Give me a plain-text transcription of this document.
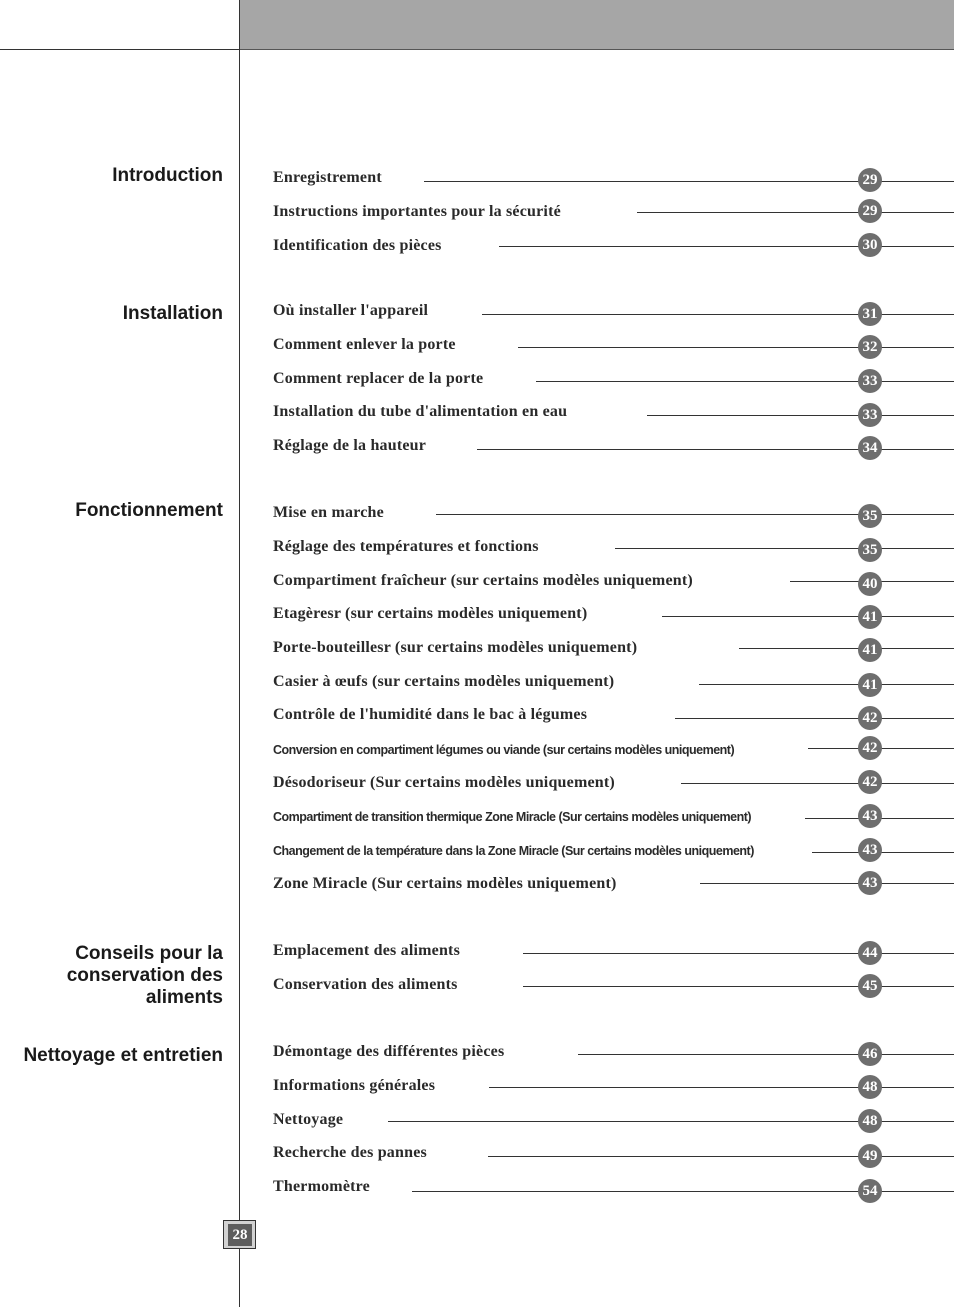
Introduction
Installation
Fonctionnement
Conseils pour la conservation des aliments
Nettoyage et entretien
Enregistrement	29
Instructions importantes pour la sécurité	29
Identification des pièces	30
Où installer l'appareil	31
Comment enlever la porte	32
Comment replacer de la porte	33
Installation du tube d'alimentation en eau	33
Réglage de la hauteur	34
Mise en marche	35
Réglage des températures et fonctions	35
Compartiment fraîcheur (sur certains modèles uniquement)	40
Etagèresr (sur certains modèles uniquement)	41
Porte-bouteillesr (sur certains modèles uniquement)	41
Casier à œufs (sur certains modèles uniquement)	41
Contrôle de l'humidité dans le bac à légumes	42
Conversion en compartiment légumes ou viande (sur certains modèles uniquement)	42
Désodoriseur (Sur certains modèles uniquement)	42
Compartiment de transition thermique Zone Miracle (Sur certains modèles uniquement)	43
Changement de la température dans la Zone Miracle (Sur certains modèles uniquement)	43
Zone Miracle (Sur certains modèles uniquement)	43
Emplacement des aliments	44
Conservation des aliments	45
Démontage des différentes pièces	46
Informations générales	48
Nettoyage	48
Recherche des pannes	49
Thermomètre	54
28
